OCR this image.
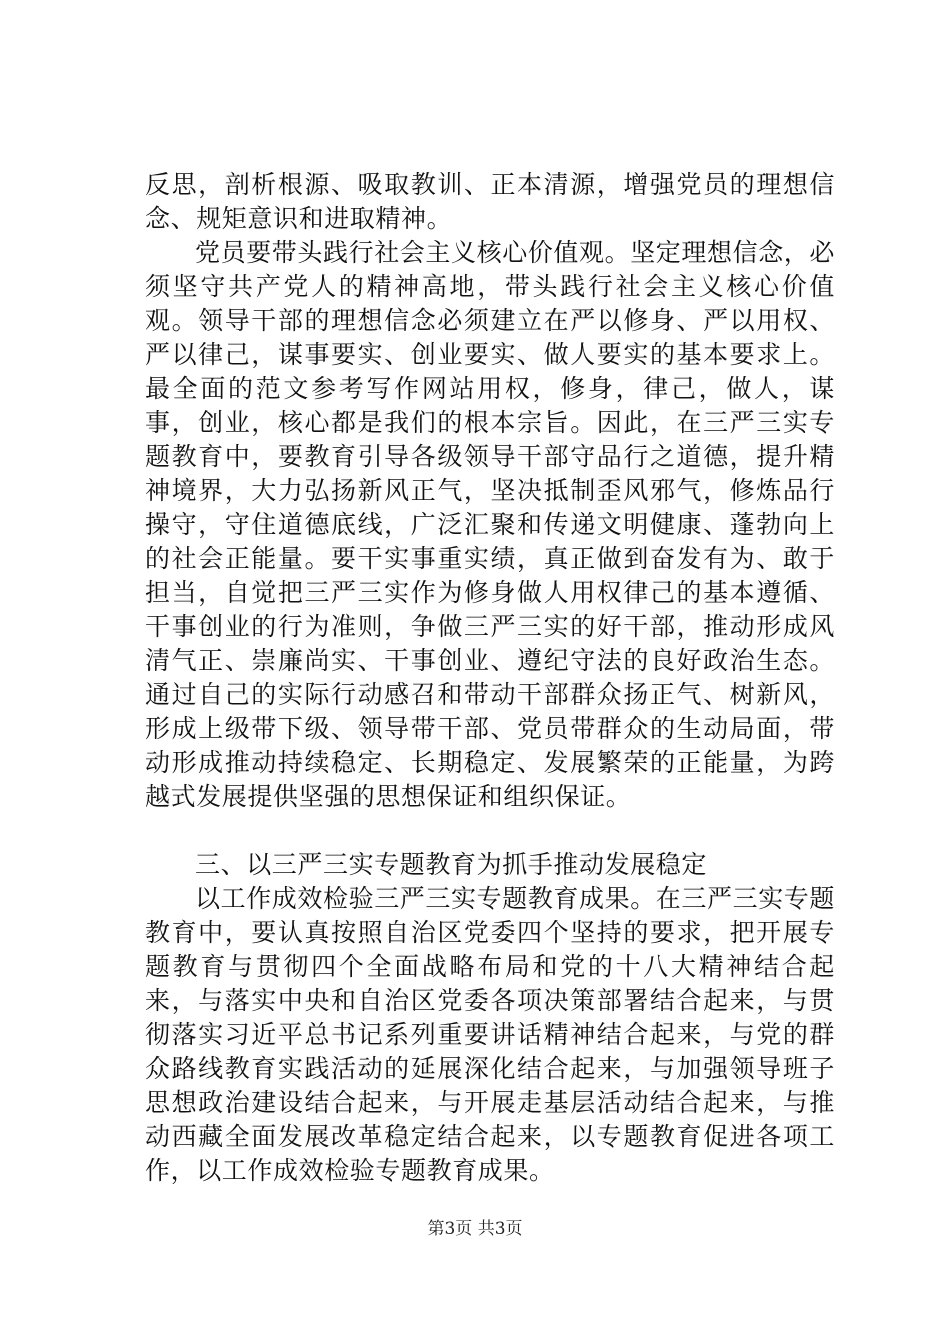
反思，剖析根源、吸取教训、正本清源，增强党员的理想信念、规矩意识和进取精神。

党员要带头践行社会主义核心价值观。坚定理想信念，必须坚守共产党人的精神高地，带头践行社会主义核心价值观。领导干部的理想信念必须建立在严以修身、严以用权、严以律己，谋事要实、创业要实、做人要实的基本要求上。最全面的范文参考写作网站用权，修身，律己，做人，谋事，创业，核心都是我们的根本宗旨。因此，在三严三实专题教育中，要教育引导各级领导干部守品行之道德，提升精神境界，大力弘扬新风正气，坚决抵制歪风邪气，修炼品行操守，守住道德底线，广泛汇聚和传递文明健康、蓬勃向上的社会正能量。要干实事重实绩，真正做到奋发有为、敢于担当，自觉把三严三实作为修身做人用权律己的基本遵循、干事创业的行为准则，争做三严三实的好干部，推动形成风清气正、崇廉尚实、干事创业、遵纪守法的良好政治生态。通过自己的实际行动感召和带动干部群众扬正气、树新风，形成上级带下级、领导带干部、党员带群众的生动局面，带动形成推动持续稳定、长期稳定、发展繁荣的正能量，为跨越式发展提供坚强的思想保证和组织保证。

三、以三严三实专题教育为抓手推动发展稳定

以工作成效检验三严三实专题教育成果。在三严三实专题教育中，要认真按照自治区党委四个坚持的要求，把开展专题教育与贯彻四个全面战略布局和党的十八大精神结合起来，与落实中央和自治区党委各项决策部署结合起来，与贯彻落实习近平总书记系列重要讲话精神结合起来，与党的群众路线教育实践活动的延展深化结合起来，与加强领导班子思想政治建设结合起来，与开展走基层活动结合起来，与推动西藏全面发展改革稳定结合起来，以专题教育促进各项工作，以工作成效检验专题教育成果。

第3页 共3页
